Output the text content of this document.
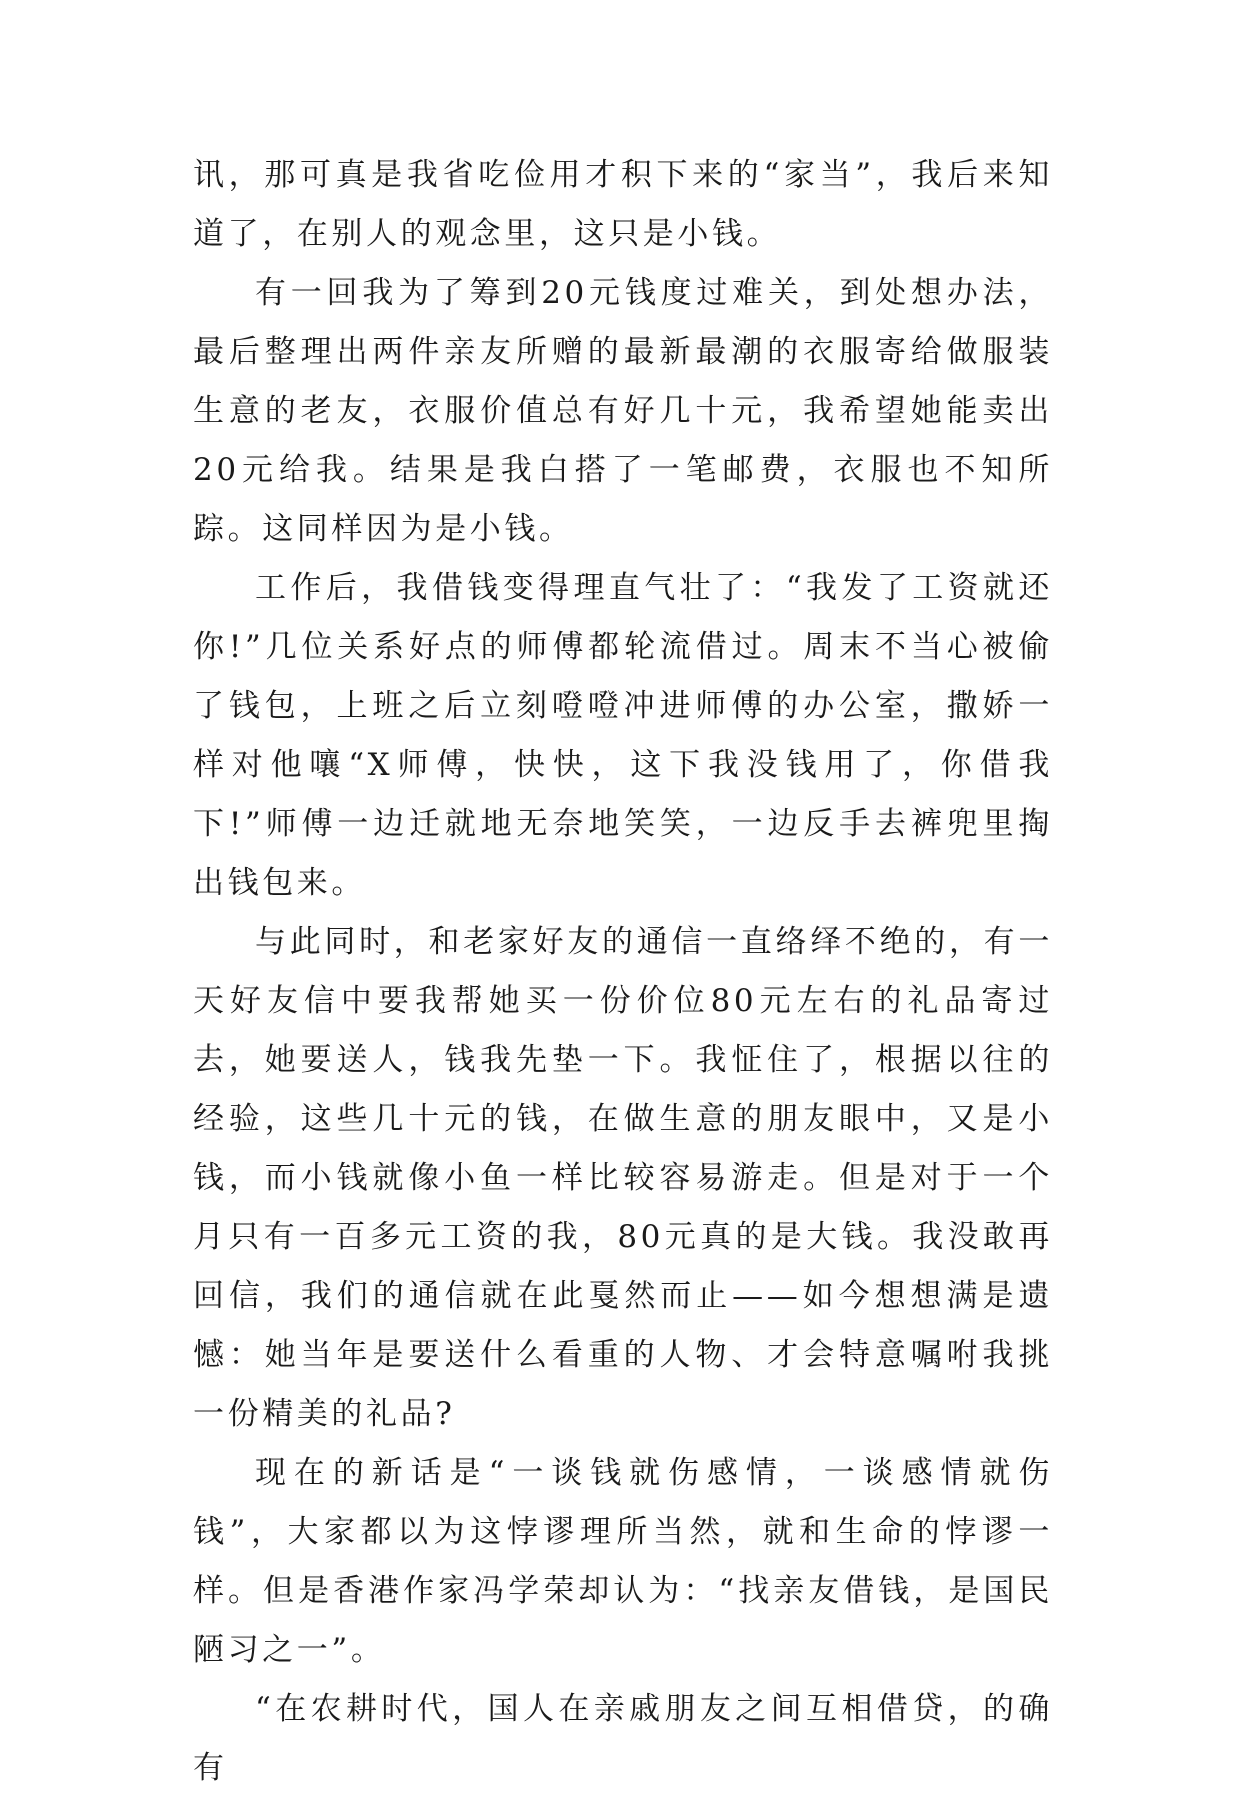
讯，那可真是我省吃俭用才积下来的“家当”，我后来知道了，在别人的观念里，这只是小钱。

有一回我为了筹到20元钱度过难关，到处想办法，最后整理出两件亲友所赠的最新最潮的衣服寄给做服装生意的老友，衣服价值总有好几十元，我希望她能卖出20元给我。结果是我白搭了一笔邮费，衣服也不知所踪。这同样因为是小钱。

工作后，我借钱变得理直气壮了：“我发了工资就还你!”几位关系好点的师傅都轮流借过。周末不当心被偷了钱包，上班之后立刻噔噔冲进师傅的办公室，撒娇一样对他嚷“X师傅，快快，这下我没钱用了，你借我下!”师傅一边迁就地无奈地笑笑，一边反手去裤兜里掏出钱包来。

与此同时，和老家好友的通信一直络绎不绝的，有一天好友信中要我帮她买一份价位80元左右的礼品寄过去，她要送人，钱我先垫一下。我怔住了，根据以往的经验，这些几十元的钱，在做生意的朋友眼中，又是小钱，而小钱就像小鱼一样比较容易游走。但是对于一个月只有一百多元工资的我，80元真的是大钱。我没敢再回信，我们的通信就在此戛然而止——如今想想满是遗憾：她当年是要送什么看重的人物、才会特意嘱咐我挑一份精美的礼品?

现在的新话是“一谈钱就伤感情，一谈感情就伤钱”，大家都以为这悖谬理所当然，就和生命的悖谬一样。但是香港作家冯学荣却认为：“找亲友借钱，是国民陋习之一”。

“在农耕时代，国人在亲戚朋友之间互相借贷，的确有
